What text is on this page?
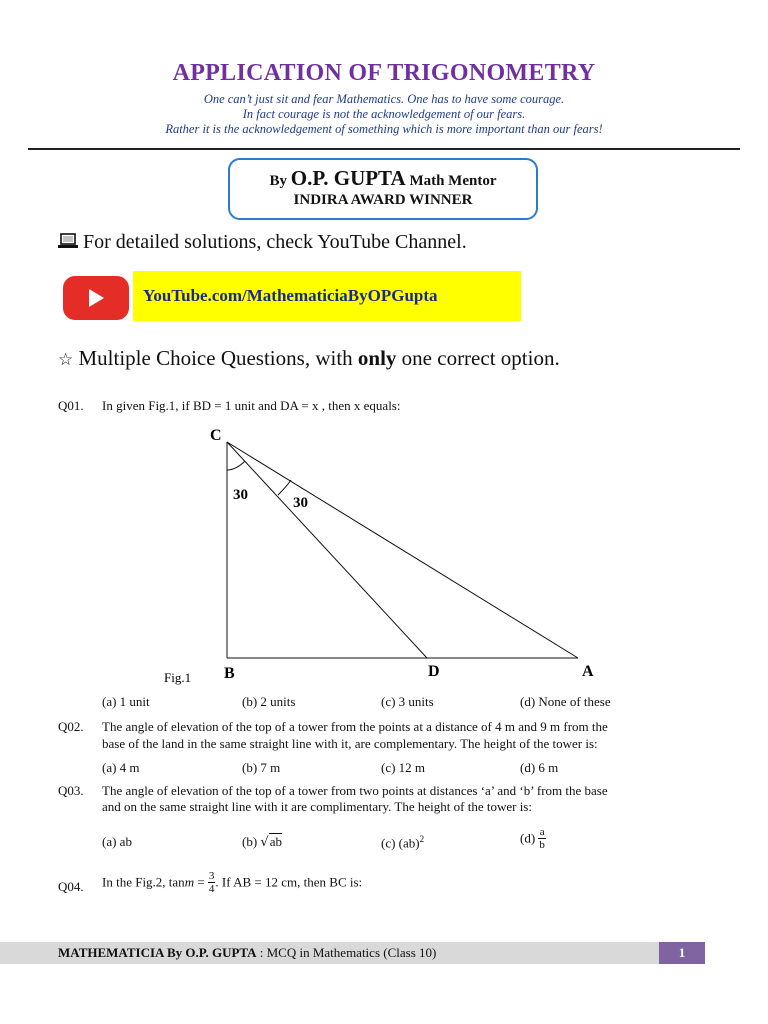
APPLICATION OF TRIGONOMETRY
One can’t just sit and fear Mathematics. One has to have some courage.
In fact courage is not the acknowledgement of our fears.
Rather it is the acknowledgement of something which is more important than our fears!
By O.P. GUPTA Math Mentor
INDIRA AWARD WINNER
For detailed solutions, check YouTube Channel.
YouTube.com/MathematiciaByOPGupta
☆ Multiple Choice Questions, with only one correct option.
Q01. In given Fig.1, if BD = 1 unit and DA = x , then x equals:
C
30	30
B	D	A
Fig.1
(a) 1 unit	(b) 2 units	(c) 3 units	(d) None of these
Q02. The angle of elevation of the top of a tower from the points at a distance of 4 m and 9 m from the
base of the land in the same straight line with it, are complementary. The height of the tower is:
(a) 4 m	(b) 7 m	(c) 12 m	(d) 6 m
Q03. The angle of elevation of the top of a tower from two points at distances ‘a’ and ‘b’ from the base
and on the same straight line with it are complimentary. The height of the tower is:
(a) ab	(b) √ab	(c) (ab)$^2$	$(d) \frac{a}{b}$
Q04. In the Fig.2, $\tan m = \frac{3}{4}$ . If AB = 12 cm, then BC is:
MATHEMATICIA By O.P. GUPTA : MCQ in Mathematics (Class 10)	1
